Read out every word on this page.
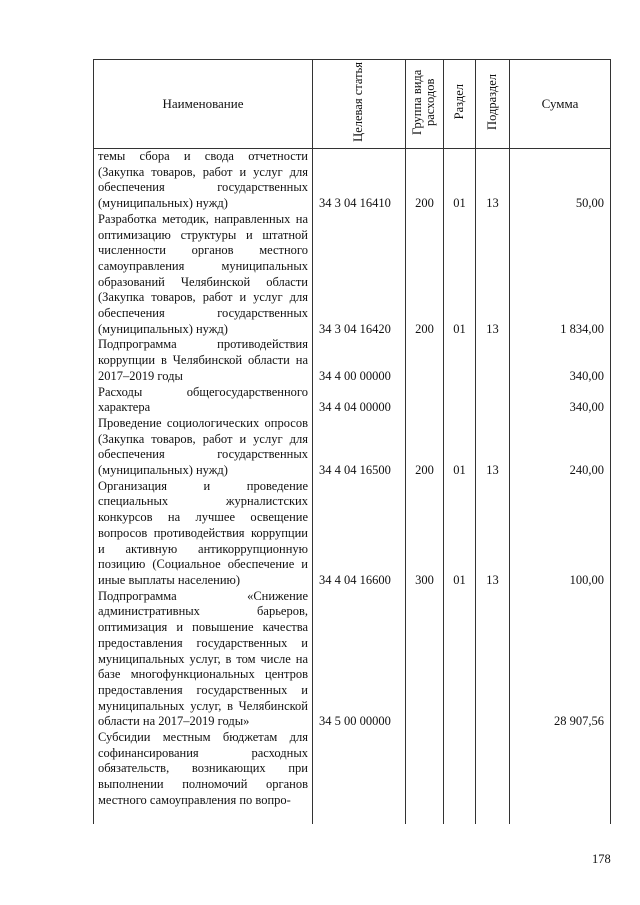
Наименование	Целевая статья	Группа вида расходов	Раздел	Подраздел	Сумма
темы сбора и свода отчетности (Закупка товаров, работ и услуг для обеспечения государственных (муниципальных) нужд)	34 3 04 16410	200	01	13	50,00
Разработка методик, направленных на оптимизацию структуры и штатной численности органов местного самоуправления муниципальных образований Челябинской области (Закупка товаров, работ и услуг для обеспечения государственных (муниципальных) нужд)	34 3 04 16420	200	01	13	1 834,00
Подпрограмма противодействия коррупции в Челябинской области на 2017–2019 годы	34 4 00 00000				340,00
Расходы общегосударственного характера	34 4 04 00000				340,00
Проведение социологических опросов (Закупка товаров, работ и услуг для обеспечения государственных (муниципальных) нужд)	34 4 04 16500	200	01	13	240,00
Организация и проведение специальных журналистских конкурсов на лучшее освещение вопросов противодействия коррупции и активную антикоррупционную позицию (Социальное обеспечение и иные выплаты населению)	34 4 04 16600	300	01	13	100,00
Подпрограмма «Снижение административных барьеров, оптимизация и повышение качества предоставления государственных и муниципальных услуг, в том числе на базе многофункциональных центров предоставления государственных и муниципальных услуг, в Челябинской области на 2017–2019 годы»	34 5 00 00000				28 907,56
Субсидии местным бюджетам для софинансирования расходных обязательств, возникающих при выполнении полномочий органов местного самоуправления по вопро-					
178
